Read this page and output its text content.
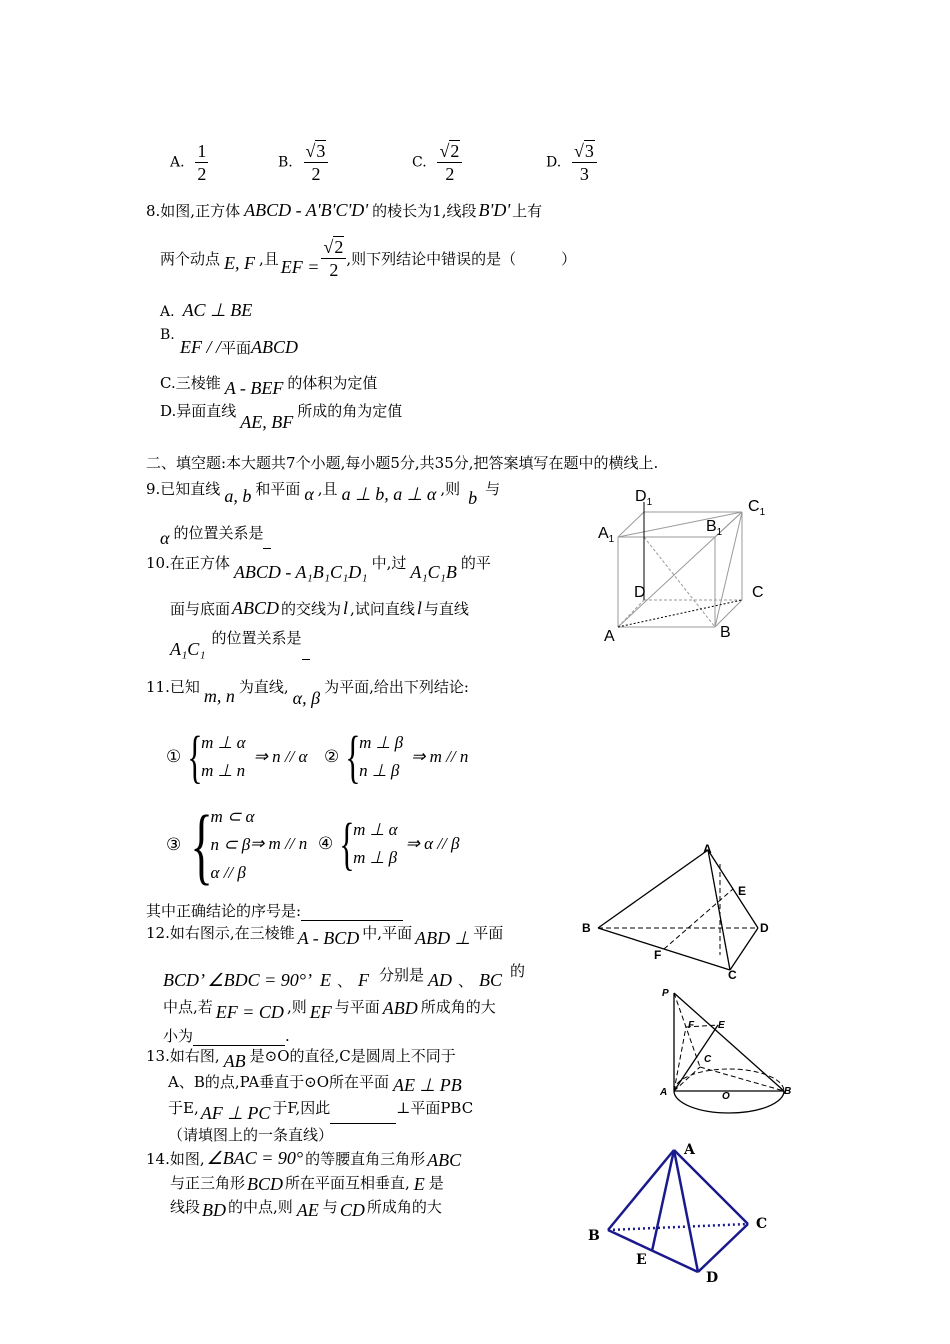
A. $\frac{1}{2}$	B. $\frac{√3}{2}$	C. $\frac{√2}{2}$	D. $\frac{√3}{3}$
8.如图,正方体 ABCD - A'B'C'D' 的棱长为1,线段 B'D' 上有
两个动点 E, F ,且 EF = $\frac{√2}{2}$ ,则下列结论中错误的是（　　　）
A. AC ⊥ BE
B.
EF / /平面ABCD
C.三棱锥 A - BEF 的体积为定值
D.异面直线AE, BF所成的角为定值
二、填空题:本大题共7个小题,每小题5分,共35分,把答案填写在题中的横线上.
9.已知直线 a, b 和平面 α ,且 a ⊥ b, a ⊥ α ,则 b 与
α 的位置关系是
10.在正方体 ABCD - A₁B₁C₁D₁ 中,过 A₁C₁B 的平
面与底面 ABCD 的交线为 l ,试问直线 l 与直线
A₁C₁的位置关系是
11.已知 m, n 为直线,α, β为平面,给出下列结论:
① {
m ⊥ α
m ⊥ n
⇒ n // α ② {
m ⊥ β
n ⊥ β
⇒ m // n
③ {
m ⊂ α
n ⊂ β
α // β
⇒ m // n ④ {
m ⊥ α
m ⊥ β
⇒ α // β
其中正确结论的序号是:
12.如右图示,在三棱锥 A - BCD 中,平面 ABD ⊥ 平面
BCD’ ∠BDC = 90°’ E 、 F 分别是 AD 、 BC 的
中点,若 EF = CD ,则 EF 与平面 ABD 所成角的大
小为	.
13.如右图, AB 是⊙O的直径,C是圆周上不同于
A、B的点,PA垂直于⊙O所在平面 AE ⊥ PB
于E, AF ⊥ PC 于F,因此	⊥平面PBC
（请填图上的一条直线）
14.如图, ∠BAC = 90° 的等腰直角三角形 ABC
与正三角形 BCD 所在平面互相垂直, E 是
线段 BD 的中点,则 AE 与 CD 所成角的大
$D_1$	$C_1$
$A_1$
$B_1$
D	C
A	B
A
E
B	D
F
C
P
F E
C
A	O	B
A
B
C
E
D
